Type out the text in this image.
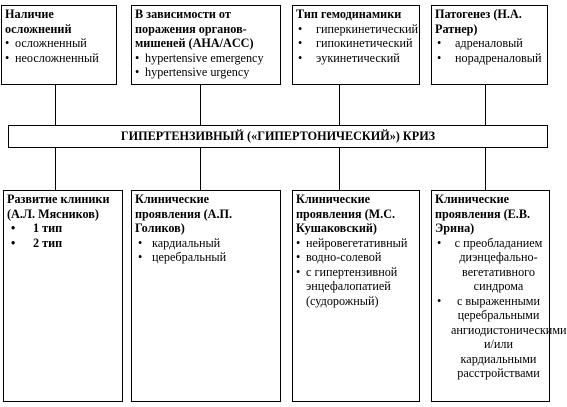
Наличие осложнений

• осложненный
• неосложненный

В зависимости от поражения органов-мишеней (AHA/ACC)

• hypertensive emergency
• hypertensive urgency

Тип гемодинамики

• гиперкинетический
• гипокинетический
• эукинетический

Патогенез (Н.А. Ратнер)

• адреналовый
• норадреналовый
ГИПЕРТЕНЗИВНЫЙ («ГИПЕРТОНИЧЕСКИЙ») КРИЗ

Развитие клиники (А.Л. Мясников)

• 1 тип
• 2 тип

Клинические проявления (А.П. Голиков)

• кардиальный
• церебральный

Клинические проявления (М.С. Кушаковский)

• нейровегетативный
• водно-солевой
• с гипертензивной энцефалопатией (судорожный)

Клинические проявления (Е.В. Эрина)

• с преобладанием диэнцефально-вегетативного синдрома
• с выраженными церебральными ангиодистоническими и/или кардиальными расстройствами
